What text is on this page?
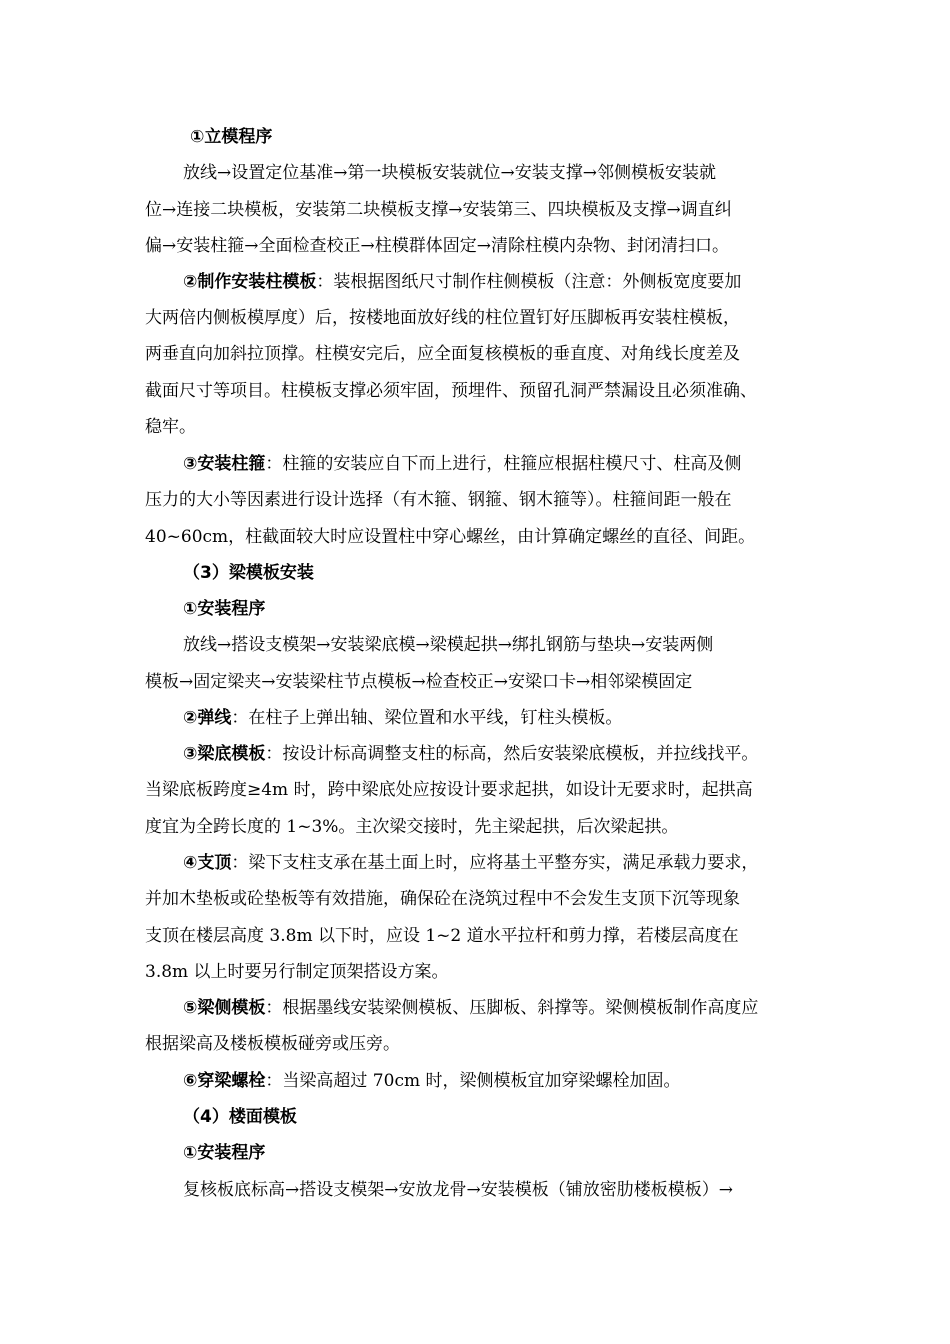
①立模程序
放线→设置定位基准→第一块模板安装就位→安装支撑→邻侧模板安装就
位→连接二块模板，安装第二块模板支撑→安装第三、四块模板及支撑→调直纠
偏→安装柱箍→全面检查校正→柱模群体固定→清除柱模内杂物、封闭清扫口。
②制作安装柱模板：装根据图纸尺寸制作柱侧模板（注意：外侧板宽度要加
大两倍内侧板模厚度）后，按楼地面放好线的柱位置钉好压脚板再安装柱模板，
两垂直向加斜拉顶撑。柱模安完后，应全面复核模板的垂直度、对角线长度差及
截面尺寸等项目。柱模板支撑必须牢固，预埋件、预留孔洞严禁漏设且必须准确、
稳牢。
③安装柱箍：柱箍的安装应自下而上进行，柱箍应根据柱模尺寸、柱高及侧
压力的大小等因素进行设计选择（有木箍、钢箍、钢木箍等）。柱箍间距一般在
40~60cm，柱截面较大时应设置柱中穿心螺丝，由计算确定螺丝的直径、间距。
（3）梁模板安装
①安装程序
放线→搭设支模架→安装梁底模→梁模起拱→绑扎钢筋与垫块→安装两侧
模板→固定梁夹→安装梁柱节点模板→检查校正→安梁口卡→相邻梁模固定
②弹线：在柱子上弹出轴、梁位置和水平线，钉柱头模板。
③梁底模板：按设计标高调整支柱的标高，然后安装梁底模板，并拉线找平。
当梁底板跨度≥4m 时，跨中梁底处应按设计要求起拱，如设计无要求时，起拱高
度宜为全跨长度的 1~3%。主次梁交接时，先主梁起拱，后次梁起拱。
④支顶：梁下支柱支承在基土面上时，应将基土平整夯实，满足承载力要求，
并加木垫板或砼垫板等有效措施，确保砼在浇筑过程中不会发生支顶下沉等现象
支顶在楼层高度 3.8m 以下时，应设 1~2 道水平拉杆和剪力撑，若楼层高度在
3.8m 以上时要另行制定顶架搭设方案。
⑤梁侧模板：根据墨线安装梁侧模板、压脚板、斜撑等。梁侧模板制作高度应
根据梁高及楼板模板碰旁或压旁。
⑥穿梁螺栓：当梁高超过 70cm 时，梁侧模板宜加穿梁螺栓加固。
（4）楼面模板
①安装程序
复核板底标高→搭设支模架→安放龙骨→安装模板（铺放密肋楼板模板）→
